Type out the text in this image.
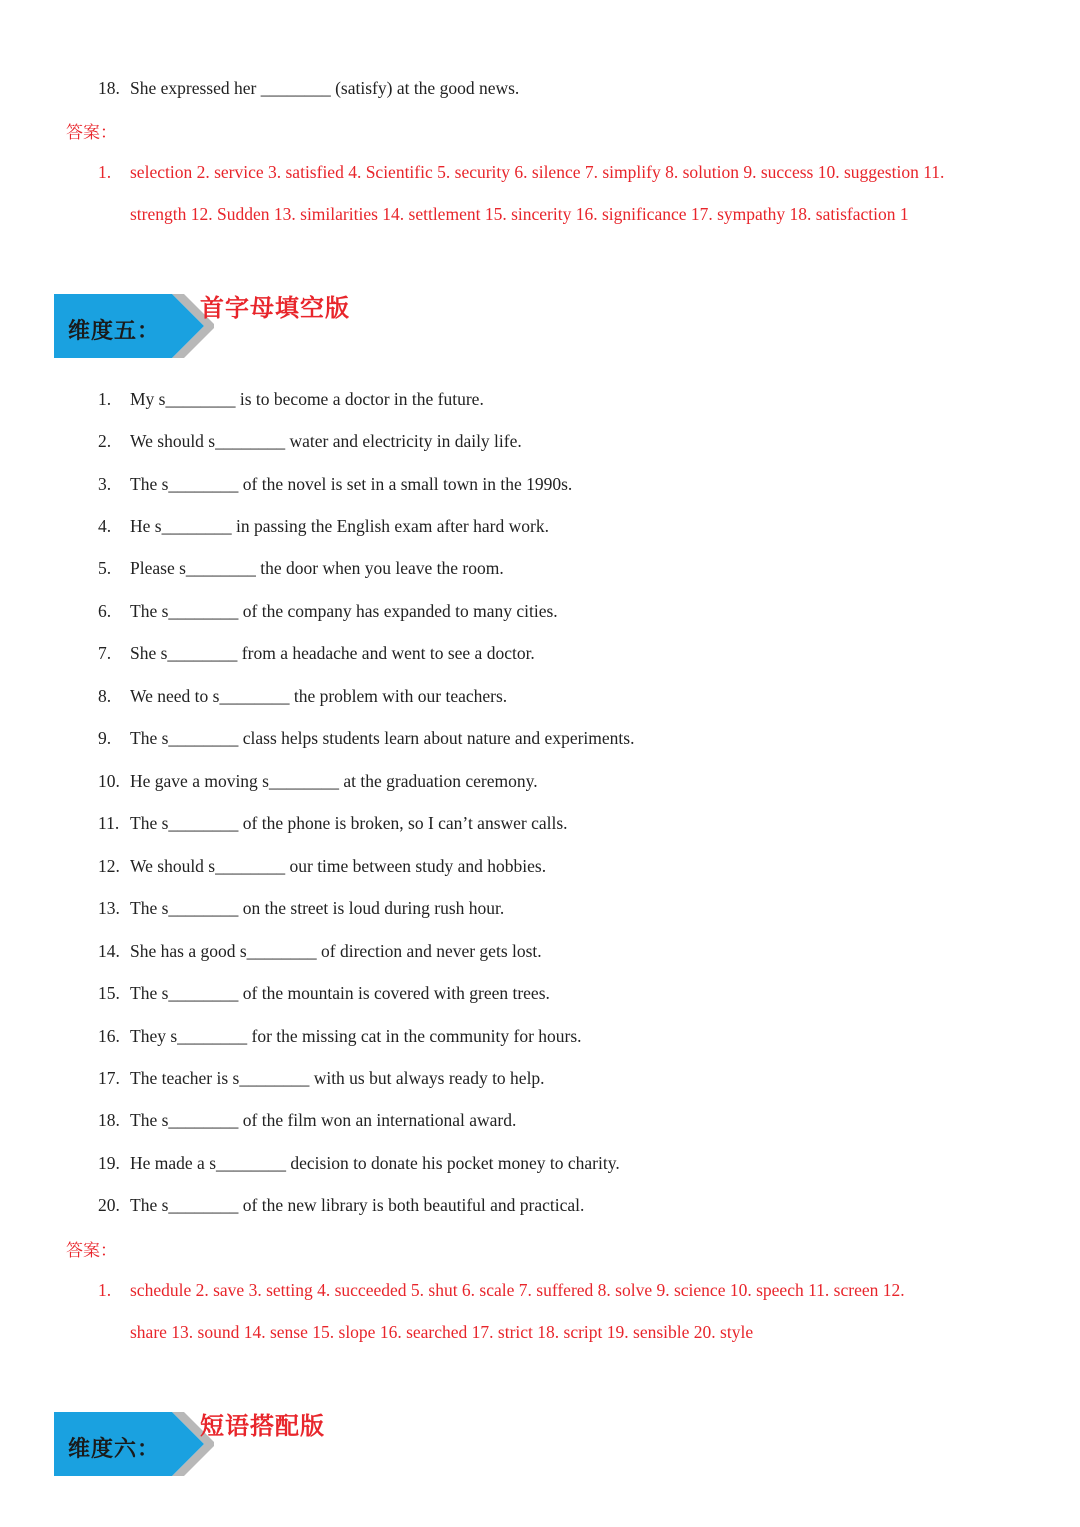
18. She expressed her ________ (satisfy) at the good news.
答案：
1. selection 2. service 3. satisfied 4. Scientific 5. security 6. silence 7. simplify 8. solution 9. success 10. suggestion 11.
strength 12. Sudden 13. similarities 14. settlement 15. sincerity 16. significance 17. sympathy 18. satisfaction 1
维度五：
首字母填空版
1. My s________ is to become a doctor in the future.
2. We should s________ water and electricity in daily life.
3. The s________ of the novel is set in a small town in the 1990s.
4. He s________ in passing the English exam after hard work.
5. Please s________ the door when you leave the room.
6. The s________ of the company has expanded to many cities.
7. She s________ from a headache and went to see a doctor.
8. We need to s________ the problem with our teachers.
9. The s________ class helps students learn about nature and experiments.
10. He gave a moving s________ at the graduation ceremony.
11. The s________ of the phone is broken, so I can’t answer calls.
12. We should s________ our time between study and hobbies.
13. The s________ on the street is loud during rush hour.
14. She has a good s________ of direction and never gets lost.
15. The s________ of the mountain is covered with green trees.
16. They s________ for the missing cat in the community for hours.
17. The teacher is s________ with us but always ready to help.
18. The s________ of the film won an international award.
19. He made a s________ decision to donate his pocket money to charity.
20. The s________ of the new library is both beautiful and practical.
答案：
1. schedule 2. save 3. setting 4. succeeded 5. shut 6. scale 7. suffered 8. solve 9. science 10. speech 11. screen 12.
share 13. sound 14. sense 15. slope 16. searched 17. strict 18. script 19. sensible 20. style
维度六：
短语搭配版
